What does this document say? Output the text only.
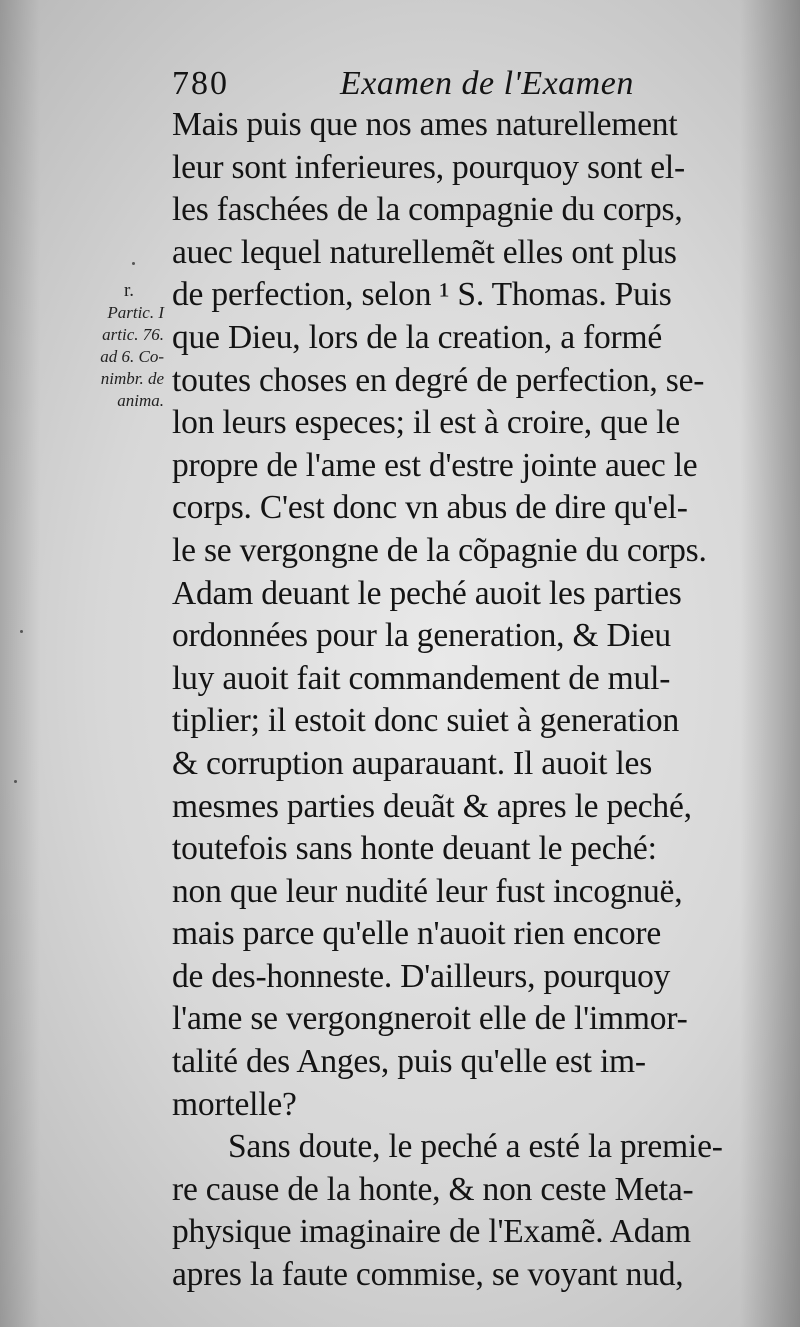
780	Examen de l'Examen
r.
Partic. I
artic. 76.
ad 6. Co-
nimbr. de
anima.
Mais puis que nos ames naturellement
leur sont inferieures, pourquoy sont el-
les faschées de la compagnie du corps,
auec lequel naturellemẽt elles ont plus
de perfection, selon ¹ S. Thomas. Puis
que Dieu, lors de la creation, a formé
toutes choses en degré de perfection, se-
lon leurs especes; il est à croire, que le
propre de l'ame est d'estre jointe auec le
corps. C'est donc vn abus de dire qu'el-
le se vergongne de la cõpagnie du corps.
Adam deuant le peché auoit les parties
ordonnées pour la generation, & Dieu
luy auoit fait commandement de mul-
tiplier; il estoit donc suiet à generation
& corruption auparauant. Il auoit les
mesmes parties deuãt & apres le peché,
toutefois sans honte deuant le peché:
non que leur nudité leur fust incognuë,
mais parce qu'elle n'auoit rien encore
de des-honneste. D'ailleurs, pourquoy
l'ame se vergongneroit elle de l'immor-
talité des Anges, puis qu'elle est im-
mortelle?
Sans doute, le peché a esté la premie-
re cause de la honte, & non ceste Meta-
physique imaginaire de l'Examẽ. Adam
apres la faute commise, se voyant nud,
